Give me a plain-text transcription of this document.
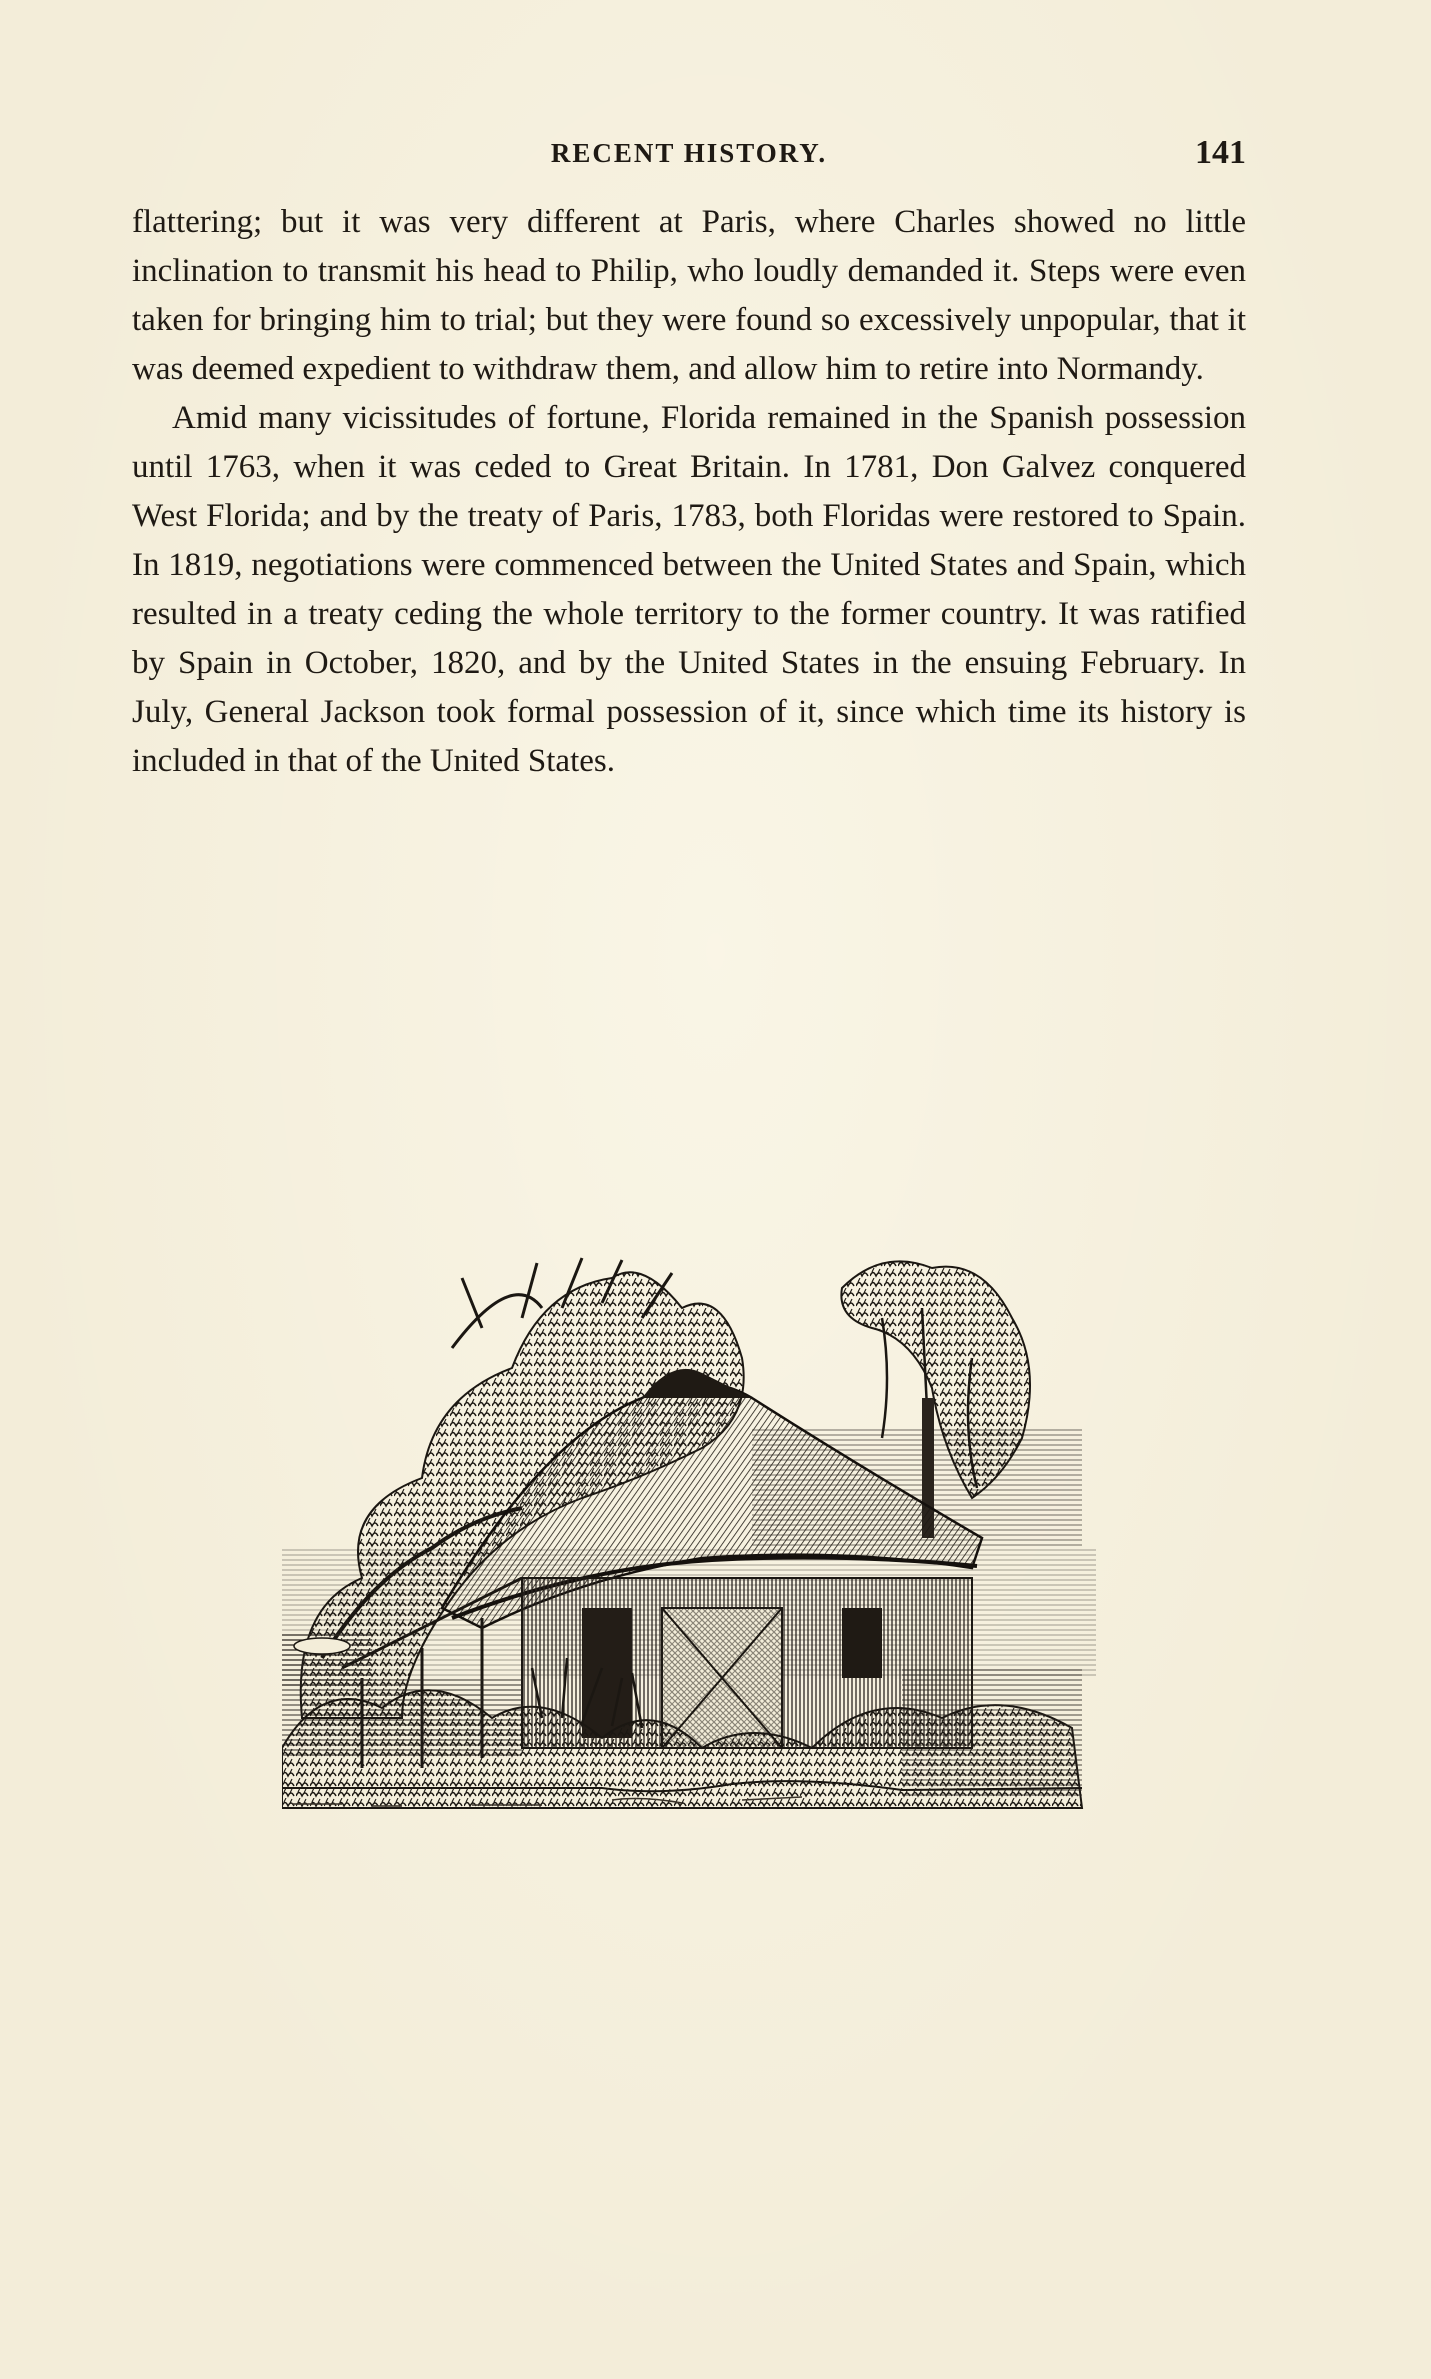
RECENT HISTORY.	141

flattering; but it was very different at Paris, where Charles showed no little inclination to transmit his head to Philip, who loudly demanded it. Steps were even taken for bringing him to trial; but they were found so excessively unpopular, that it was deemed expedient to withdraw them, and allow him to retire into Normandy.

Amid many vicissitudes of fortune, Florida remained in the Spanish possession until 1763, when it was ceded to Great Britain. In 1781, Don Galvez conquered West Florida; and by the treaty of Paris, 1783, both Floridas were restored to Spain. In 1819, negotiations were commenced between the United States and Spain, which resulted in a treaty ceding the whole territory to the former country. It was ratified by Spain in October, 1820, and by the United States in the ensuing February. In July, General Jackson took formal possession of it, since which time its history is included in that of the United States.
